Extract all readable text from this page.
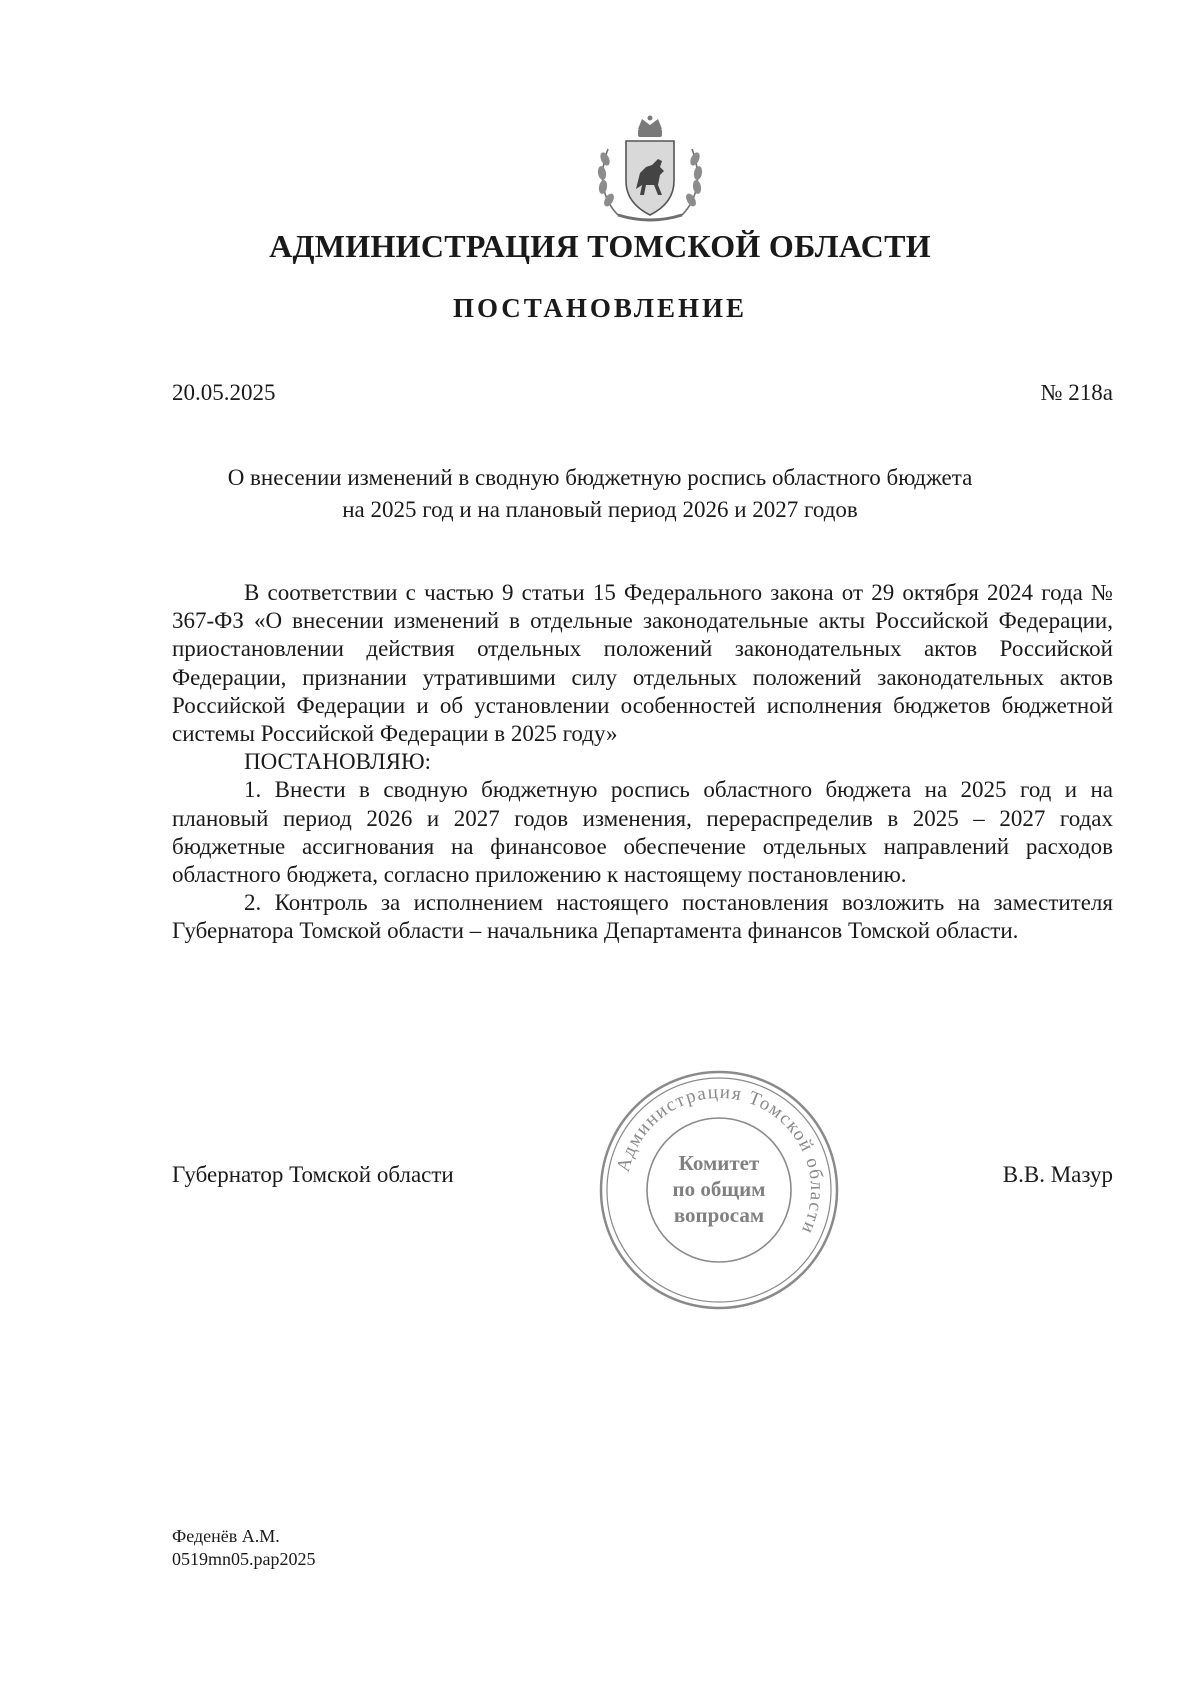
АДМИНИСТРАЦИЯ ТОМСКОЙ ОБЛАСТИ
ПОСТАНОВЛЕНИЕ
20.05.2025	№ 218а
О внесении изменений в сводную бюджетную роспись областного бюджета
на 2025 год и на плановый период 2026 и 2027 годов

В соответствии с частью 9 статьи 15 Федерального закона от 29 октября 2024 года № 367-ФЗ «О внесении изменений в отдельные законодательные акты Российской Федерации, приостановлении действия отдельных положений законодательных актов Российской Федерации, признании утратившими силу отдельных положений законодательных актов Российской Федерации и об установлении особенностей исполнения бюджетов бюджетной системы Российской Федерации в 2025 году»

ПОСТАНОВЛЯЮ:

1. Внести в сводную бюджетную роспись областного бюджета на 2025 год и на плановый период 2026 и 2027 годов изменения, перераспределив в 2025 – 2027 годах бюджетные ассигнования на финансовое обеспечение отдельных направлений расходов областного бюджета, согласно приложению к настоящему постановлению.

2. Контроль за исполнением настоящего постановления возложить на заместителя Губернатора Томской области – начальника Департамента финансов Томской области.

Губернатор Томской области	В.В. Мазур
Администрация Томской области
Комитет
по общим
вопросам
Феденёв А.М.
0519mn05.pap2025
